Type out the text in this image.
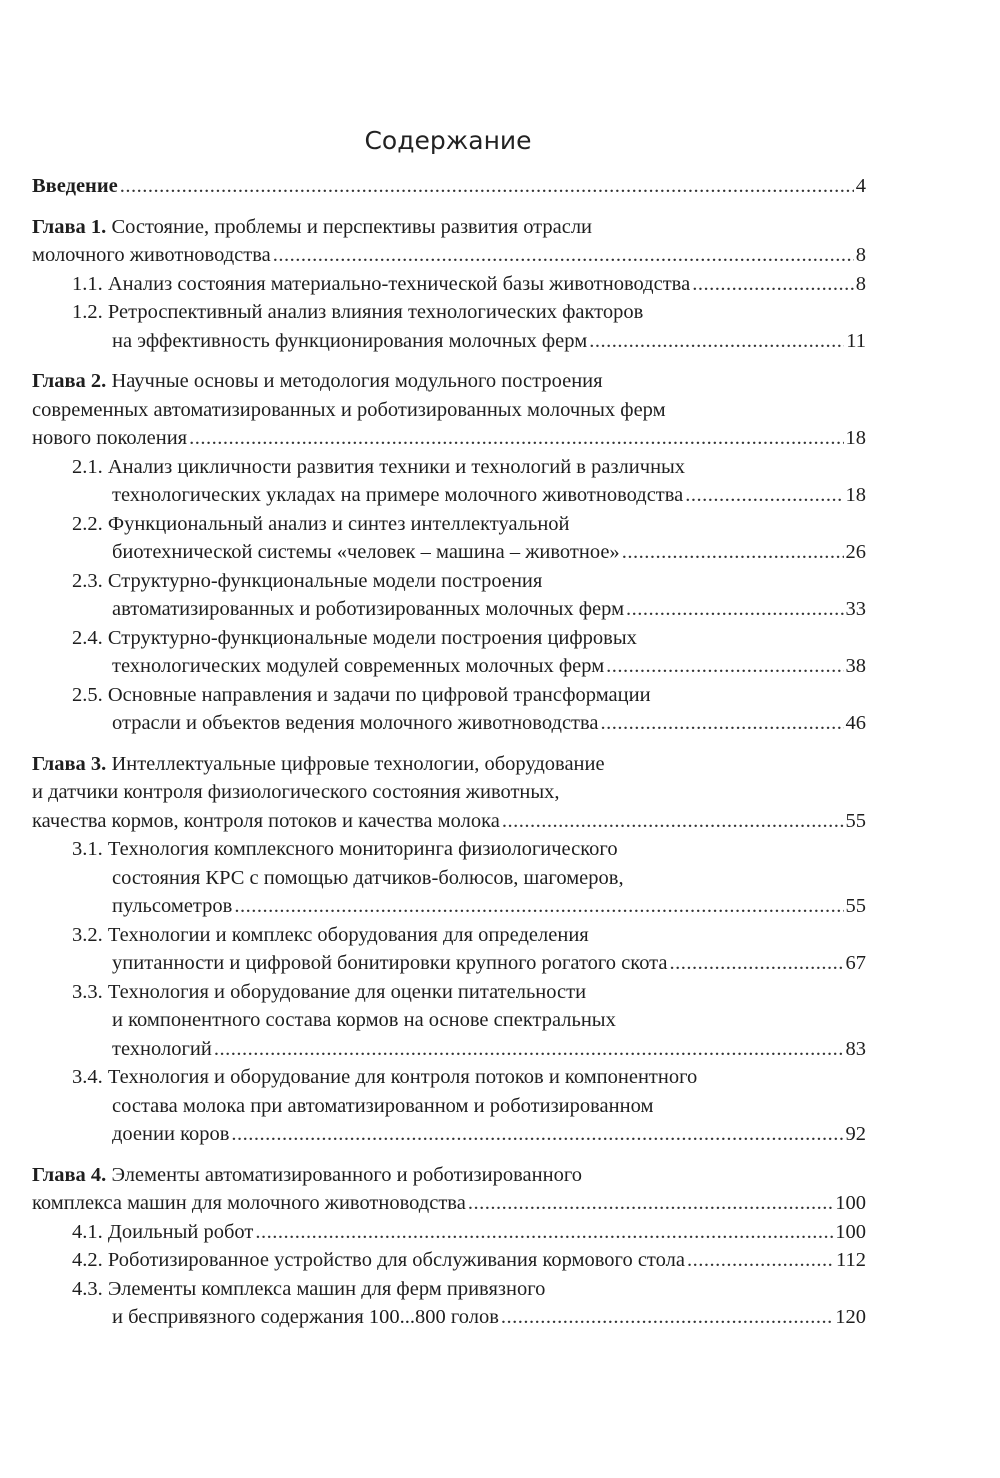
Содержание
Введение .....	4
Глава 1.
Состояние, проблемы и перспективы развития отрасли
молочного животноводства .....	8
1.1.
Анализ состояния материально-технической базы животноводства .....	8
1.2.
Ретроспективный анализ влияния технологических факторов
на эффективность функционирования молочных ферм .....	11
Глава 2.
Научные основы и методология модульного построения
современных автоматизированных и роботизированных молочных ферм
нового поколения .....	18
2.1.
Анализ цикличности развития техники и технологий в различных
технологических укладах на примере молочного животноводства .....	18
2.2.
Функциональный анализ и синтез интеллектуальной
биотехнической системы «человек – машина – животное» .....	26
2.3.
Структурно-функциональные модели построения
автоматизированных и роботизированных молочных ферм .....	33
2.4.
Структурно-функциональные модели построения цифровых
технологических модулей современных молочных ферм .....	38
2.5.
Основные направления и задачи по цифровой трансформации
отрасли и объектов ведения молочного животноводства .....	46
Глава 3.
Интеллектуальные цифровые технологии, оборудование
и датчики контроля физиологического состояния животных,
качества кормов, контроля потоков и качества молока .....	55
3.1.
Технология комплексного мониторинга физиологического
состояния КРС с помощью датчиков-болюсов, шагомеров,
пульсометров .....	55
3.2.
Технологии и комплекс оборудования для определения
упитанности и цифровой бонитировки крупного рогатого скота .....	67
3.3.
Технология и оборудование для оценки питательности
и компонентного состава кормов на основе спектральных
технологий .....	83
3.4.
Технология и оборудование для контроля потоков и компонентного
состава молока при автоматизированном и роботизированном
доении коров .....	92
Глава 4.
Элементы автоматизированного и роботизированного
комплекса машин для молочного животноводства .....	100
4.1.
Доильный робот .....	100
4.2.
Роботизированное устройство для обслуживания кормового стола .....	112
4.3.
Элементы комплекса машин для ферм привязного
и беспривязного содержания 100...800 голов .....	120
